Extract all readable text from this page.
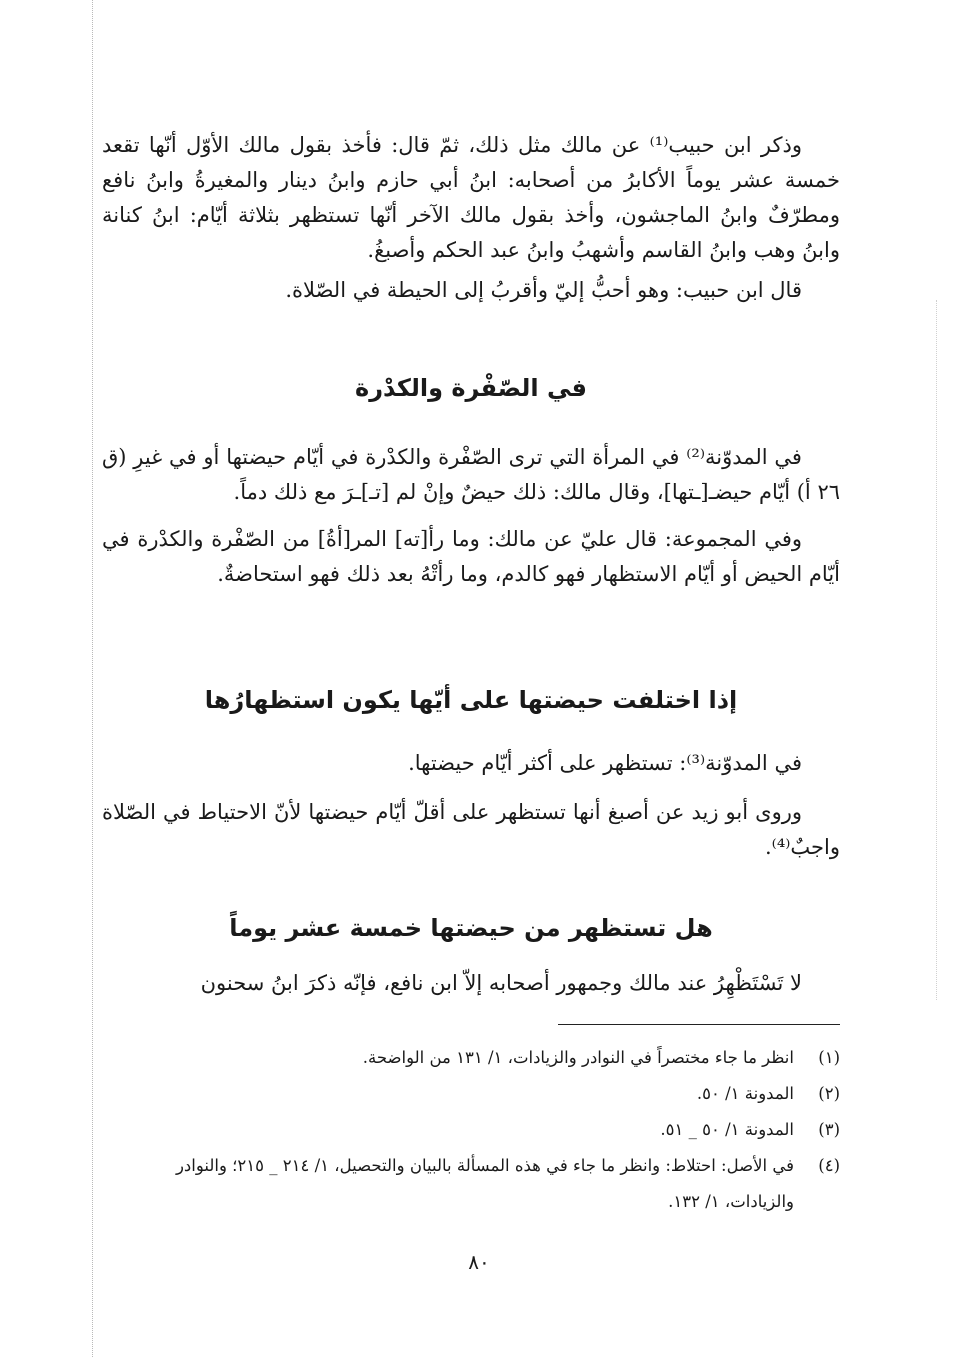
وذكر ابن حبيب⁽¹⁾ عن مالك مثل ذلك، ثمّ قال: فأخذ بقول مالك الأوّل أنّها تقعد خمسة عشر يوماً الأكابرُ من أصحابه: ابنُ أبي حازم وابنُ دينار والمغيرةُ وابنُ نافع ومطرّفٌ وابنُ الماجشون، وأخذ بقول مالك الآخر أنّها تستظهر بثلاثة أيّام: ابنُ كنانة وابنُ وهب وابنُ القاسم وأشهبُ وابنُ عبد الحكم وأصبغُ.

قال ابن حبيب: وهو أحبُّ إليّ وأقربُ إلى الحيطة في الصّلاة.

في الصّفْرة والكدْرة

في المدوّنة⁽²⁾ في المرأة التي ترى الصّفْرة والكدْرة في أيّام حيضتها أو في غيرِ (ق ٢٦ أ) أيّام حيضـ[ـتها]، وقال مالك: ذلك حيضٌ وإنْ لم [تـ]ـرَ مع ذلك دماً.

وفي المجموعة: قال عليّ عن مالك: وما رأ[ته] المر[أةُ] من الصّفْرة والكدْرة في أيّام الحيض أو أيّام الاستظهار فهو كالدم، وما رأتْهُ بعد ذلك فهو استحاضةٌ.

إذا اختلفت حيضتها على أيّها يكون استظهارُها

في المدوّنة⁽³⁾: تستظهر على أكثر أيّام حيضتها.

وروى أبو زيد عن أصبغ أنها تستظهر على أقلّ أيّام حيضتها لأنّ الاحتياط في الصّلاة واجبٌ⁽⁴⁾.

هل تستظهر من حيضتها خمسة عشر يوماً

لا تَسْتَظْهِرُ عند مالك وجمهور أصحابه إلاّ ابن نافع، فإنّه ذكرَ ابنُ سحنون

(١)
انظر ما جاء مختصراً في النوادر والزيادات، ١/ ١٣١ من الواضحة.
(٢)
المدونة ١/ ٥٠.
(٣)
المدونة ١/ ٥٠ _ ٥١.
(٤)
في الأصل: احتلاط: وانظر ما جاء في هذه المسألة بالبيان والتحصيل، ١/ ٢١٤ _ ٢١٥؛ والنوادر والزيادات، ١/ ١٣٢.
٨٠
